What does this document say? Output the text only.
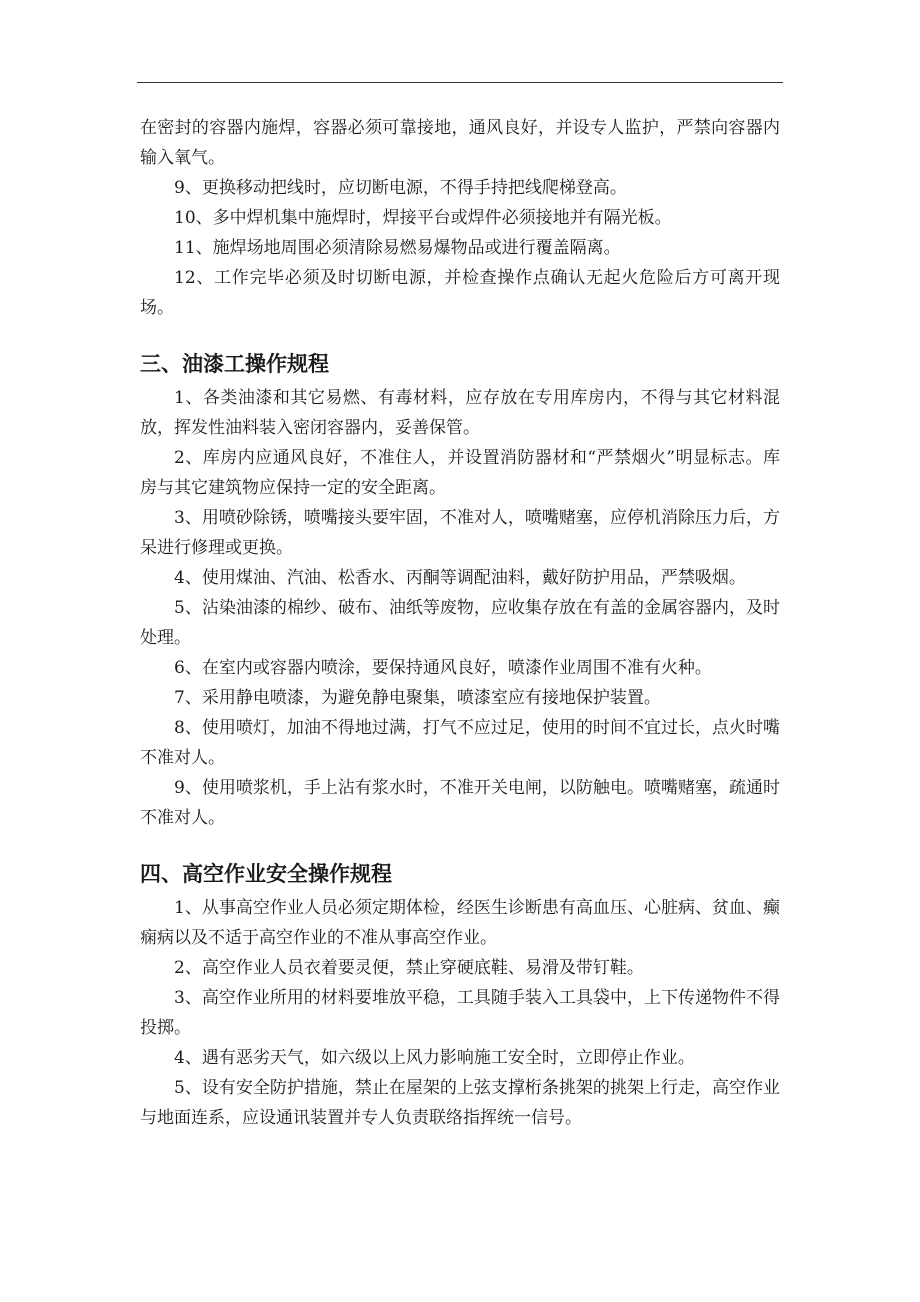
在密封的容器内施焊，容器必须可靠接地，通风良好，并设专人监护，严禁向容器内输入氧气。

9、更换移动把线时，应切断电源，不得手持把线爬梯登高。

10、多中焊机集中施焊时，焊接平台或焊件必须接地并有隔光板。

11、施焊场地周围必须清除易燃易爆物品或进行覆盖隔离。

12、工作完毕必须及时切断电源，并检查操作点确认无起火危险后方可离开现场。

三、油漆工操作规程

1、各类油漆和其它易燃、有毒材料，应存放在专用库房内，不得与其它材料混放，挥发性油料装入密闭容器内，妥善保管。

2、库房内应通风良好，不准住人，并设置消防器材和“严禁烟火”明显标志。库房与其它建筑物应保持一定的安全距离。

3、用喷砂除锈，喷嘴接头要牢固，不准对人，喷嘴赌塞，应停机消除压力后，方呆进行修理或更换。

4、使用煤油、汽油、松香水、丙酮等调配油料，戴好防护用品，严禁吸烟。

5、沾染油漆的棉纱、破布、油纸等废物，应收集存放在有盖的金属容器内，及时处理。

6、在室内或容器内喷涂，要保持通风良好，喷漆作业周围不准有火种。

7、采用静电喷漆，为避免静电聚集，喷漆室应有接地保护装置。

8、使用喷灯，加油不得地过满，打气不应过足，使用的时间不宜过长，点火时嘴不准对人。

9、使用喷浆机，手上沾有浆水时，不准开关电闸，以防触电。喷嘴赌塞，疏通时不准对人。

四、高空作业安全操作规程

1、从事高空作业人员必须定期体检，经医生诊断患有高血压、心脏病、贫血、癫痫病以及不适于高空作业的不准从事高空作业。

2、高空作业人员衣着要灵便，禁止穿硬底鞋、易滑及带钉鞋。

3、高空作业所用的材料要堆放平稳，工具随手装入工具袋中，上下传递物件不得投掷。

4、遇有恶劣天气，如六级以上风力影响施工安全时，立即停止作业。

5、设有安全防护措施，禁止在屋架的上弦支撑桁条挑架的挑架上行走，高空作业与地面连系，应设通讯装置并专人负责联络指挥统一信号。
